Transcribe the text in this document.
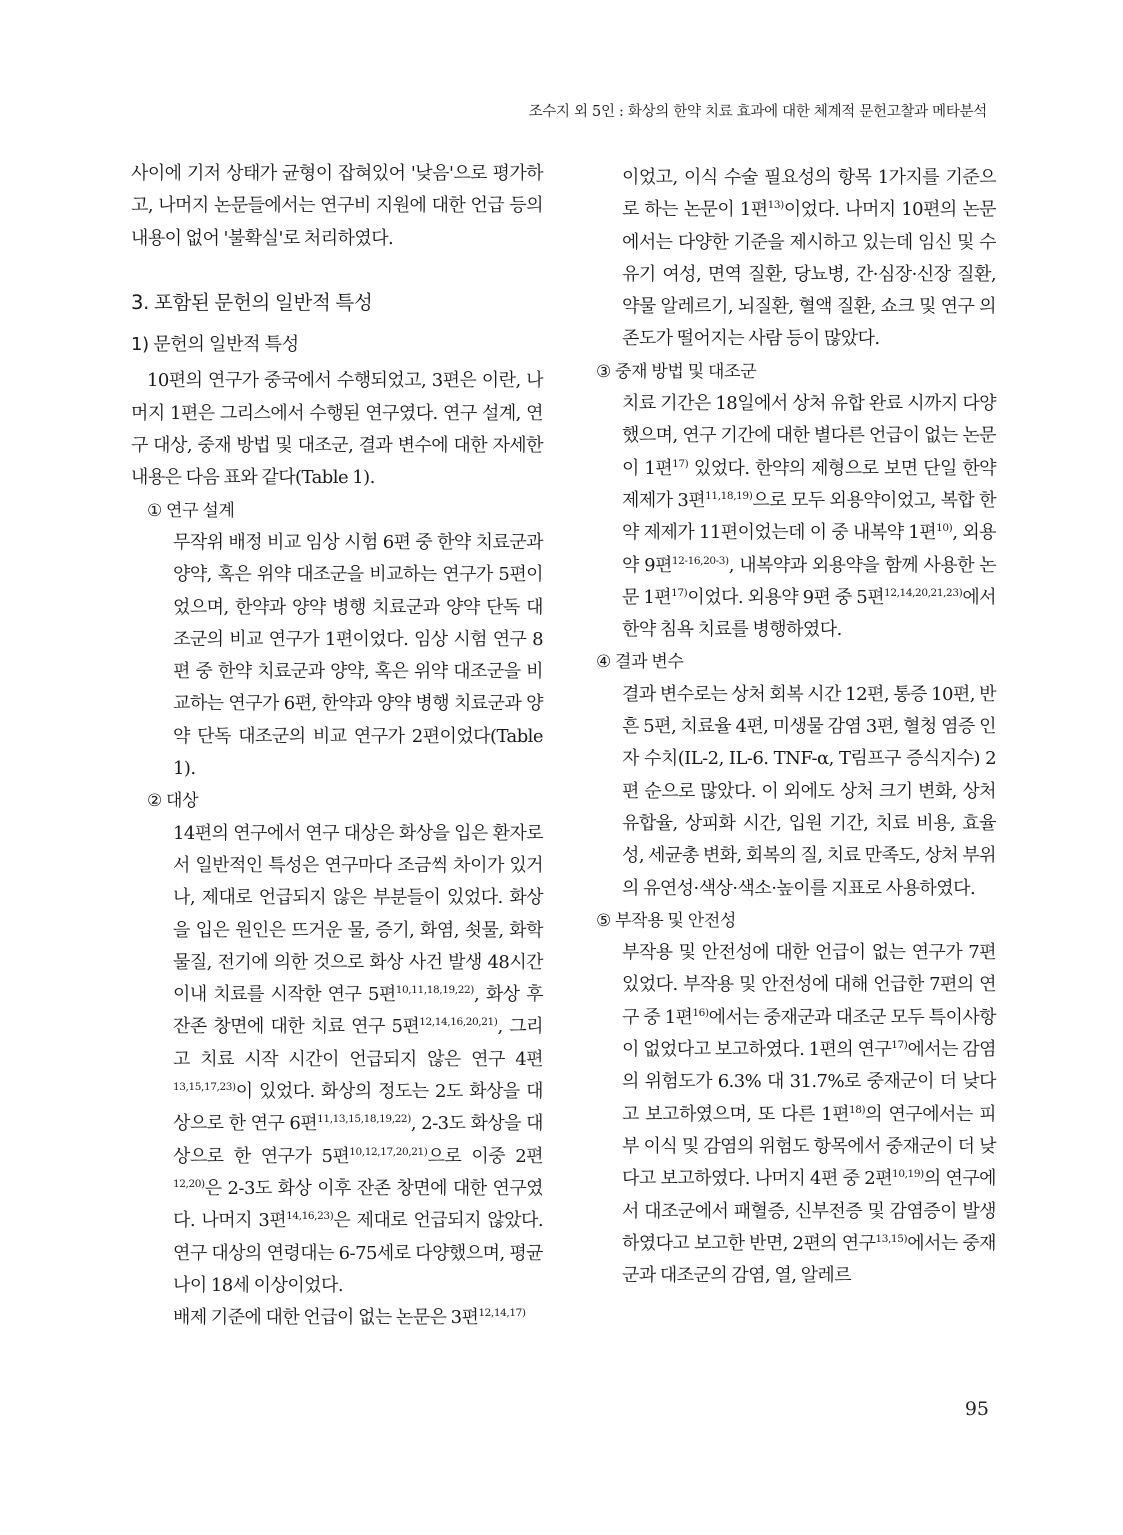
조수지 외 5인 : 화상의 한약 치료 효과에 대한 체계적 문헌고찰과 메타분석

사이에 기저 상태가 균형이 잡혀있어 '낮음'으로 평가하고, 나머지 논문들에서는 연구비 지원에 대한 언급 등의 내용이 없어 '불확실'로 처리하였다.

3. 포함된 문헌의 일반적 특성

1) 문헌의 일반적 특성

10편의 연구가 중국에서 수행되었고, 3편은 이란, 나머지 1편은 그리스에서 수행된 연구였다. 연구 설계, 연구 대상, 중재 방법 및 대조군, 결과 변수에 대한 자세한 내용은 다음 표와 같다(Table 1).

① 연구 설계

무작위 배정 비교 임상 시험 6편 중 한약 치료군과 양약, 혹은 위약 대조군을 비교하는 연구가 5편이었으며, 한약과 양약 병행 치료군과 양약 단독 대조군의 비교 연구가 1편이었다. 임상 시험 연구 8편 중 한약 치료군과 양약, 혹은 위약 대조군을 비교하는 연구가 6편, 한약과 양약 병행 치료군과 양약 단독 대조군의 비교 연구가 2편이었다(Table 1).

② 대상

14편의 연구에서 연구 대상은 화상을 입은 환자로서 일반적인 특성은 연구마다 조금씩 차이가 있거나, 제대로 언급되지 않은 부분들이 있었다. 화상을 입은 원인은 뜨거운 물, 증기, 화염, 쇳물, 화학 물질, 전기에 의한 것으로 화상 사건 발생 48시간 이내 치료를 시작한 연구 5편$^{10,11,18,19,22)}$, 화상 후 잔존 창면에 대한 치료 연구 5편$^{12,14,16,20,21)}$, 그리고 치료 시작 시간이 언급되지 않은 연구 4편$^{13,15,17,23)}$이 있었다. 화상의 정도는 2도 화상을 대상으로 한 연구 6편$^{11,13,15,18,19,22)}$, 2-3도 화상을 대상으로 한 연구가 5편$^{10,12,17,20,21)}$으로 이중 2편$^{12,20)}$은 2-3도 화상 이후 잔존 창면에 대한 연구였다. 나머지 3편$^{14,16,23)}$은 제대로 언급되지 않았다. 연구 대상의 연령대는 6-75세로 다양했으며, 평균 나이 18세 이상이었다.

배제 기준에 대한 언급이 없는 논문은 3편$^{12,14,17)}$

이었고, 이식 수술 필요성의 항목 1가지를 기준으로 하는 논문이 1편$^{13)}$이었다. 나머지 10편의 논문에서는 다양한 기준을 제시하고 있는데 임신 및 수유기 여성, 면역 질환, 당뇨병, 간·심장·신장 질환, 약물 알레르기, 뇌질환, 혈액 질환, 쇼크 및 연구 의존도가 떨어지는 사람 등이 많았다.

③ 중재 방법 및 대조군

치료 기간은 18일에서 상처 유합 완료 시까지 다양했으며, 연구 기간에 대한 별다른 언급이 없는 논문이 1편$^{17)}$ 있었다. 한약의 제형으로 보면 단일 한약 제제가 3편$^{11,18,19)}$으로 모두 외용약이었고, 복합 한약 제제가 11편이었는데 이 중 내복약 1편$^{10)}$, 외용약 9편$^{12-16,20-3)}$, 내복약과 외용약을 함께 사용한 논문 1편$^{17)}$이었다. 외용약 9편 중 5편$^{12,14,20,21,23)}$에서 한약 침욕 치료를 병행하였다.

④ 결과 변수

결과 변수로는 상처 회복 시간 12편, 통증 10편, 반흔 5편, 치료율 4편, 미생물 감염 3편, 혈청 염증 인자 수치(IL-2, IL-6. TNF-α, T림프구 증식지수) 2편 순으로 많았다. 이 외에도 상처 크기 변화, 상처 유합율, 상피화 시간, 입원 기간, 치료 비용, 효율성, 세균총 변화, 회복의 질, 치료 만족도, 상처 부위의 유연성·색상·색소·높이를 지표로 사용하였다.

⑤ 부작용 및 안전성

부작용 및 안전성에 대한 언급이 없는 연구가 7편 있었다. 부작용 및 안전성에 대해 언급한 7편의 연구 중 1편$^{16)}$에서는 중재군과 대조군 모두 특이사항이 없었다고 보고하였다. 1편의 연구$^{17)}$에서는 감염의 위험도가 6.3% 대 31.7%로 중재군이 더 낮다고 보고하였으며, 또 다른 1편$^{18)}$의 연구에서는 피부 이식 및 감염의 위험도 항목에서 중재군이 더 낮다고 보고하였다. 나머지 4편 중 2편$^{10,19)}$의 연구에서 대조군에서 패혈증, 신부전증 및 감염증이 발생하였다고 보고한 반면, 2편의 연구$^{13,15)}$에서는 중재군과 대조군의 감염, 열, 알레르

95
